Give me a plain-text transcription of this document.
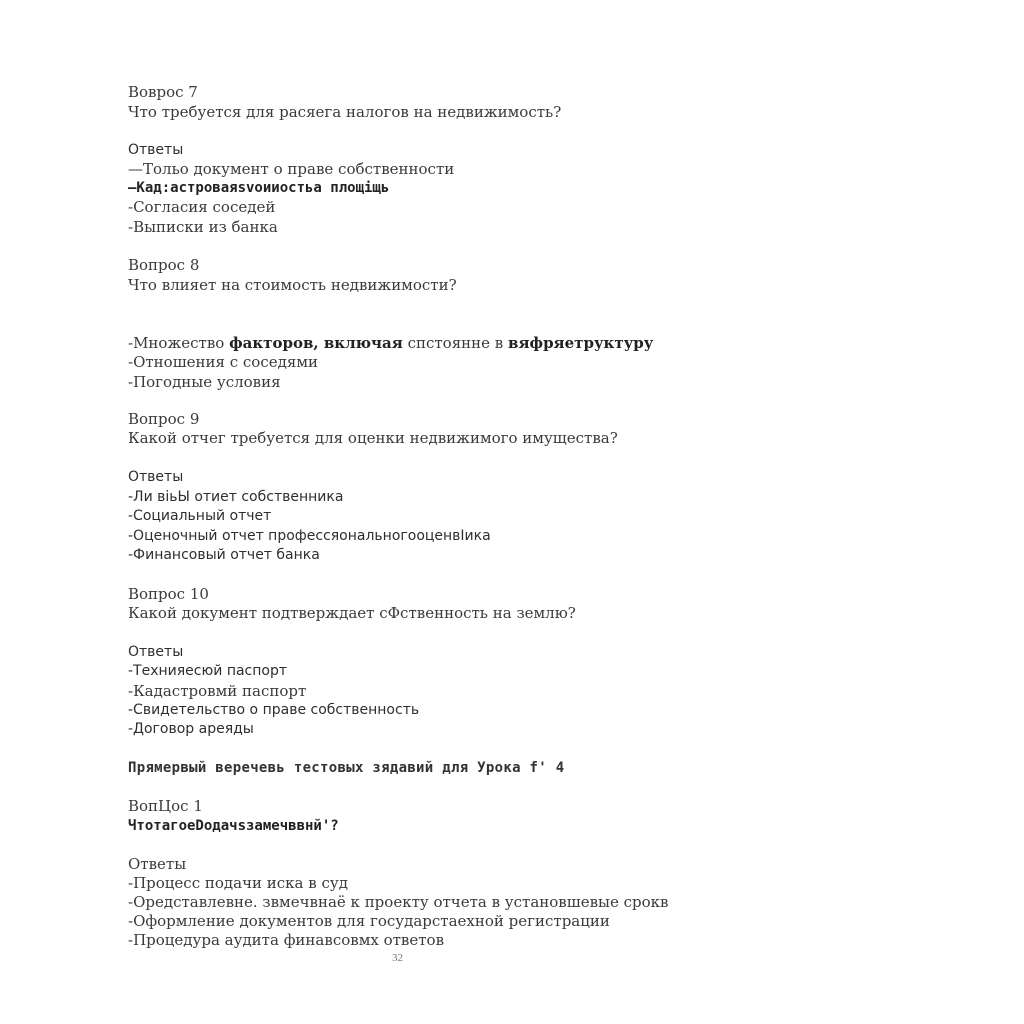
Вовроc 7
Что требуется для расяега налогов на недвижимость?
Ответы
—Тольо документ о праве собственности
–Кад:астроваяsvoииостьа площiщь
-Согласия соседей
-Выписки из банка
Вопрос 8
Что влияет на стоимость недвижимости?
-Множество факторов, включая спстоянне в вяфряетруктуру
-Отношения с соседями
-Погодные условия
Вопрос 9
Какой отчег требуется для оценки недвижимого имущества?
Ответы
-Ли вiьЫ отиет собственника
-Социальный отчет
-Оценочный отчет профессяональногооценвIика
-Финансовый отчет банка
Вопрос 10
Какой документ подтверждает сФственность на землю?
Ответы
-Технияесюй паспорт
-Кадастровмй паспорт
-Свидетельство о праве собственность
-Договор ареяды
Прямервый веречевь тестовых зядавий для Урока f' 4
ВопЦос 1
ЧтотагоеDoдачsзамечввнй'?
Ответы
-Процесс подачи иска в суд
-Оредставлевне. звмечвнаё к проекту отчета в установшевые срокв
-Оформление документов для государстаехной регистрации
-Процедура аудита финавсовмх ответов
32
